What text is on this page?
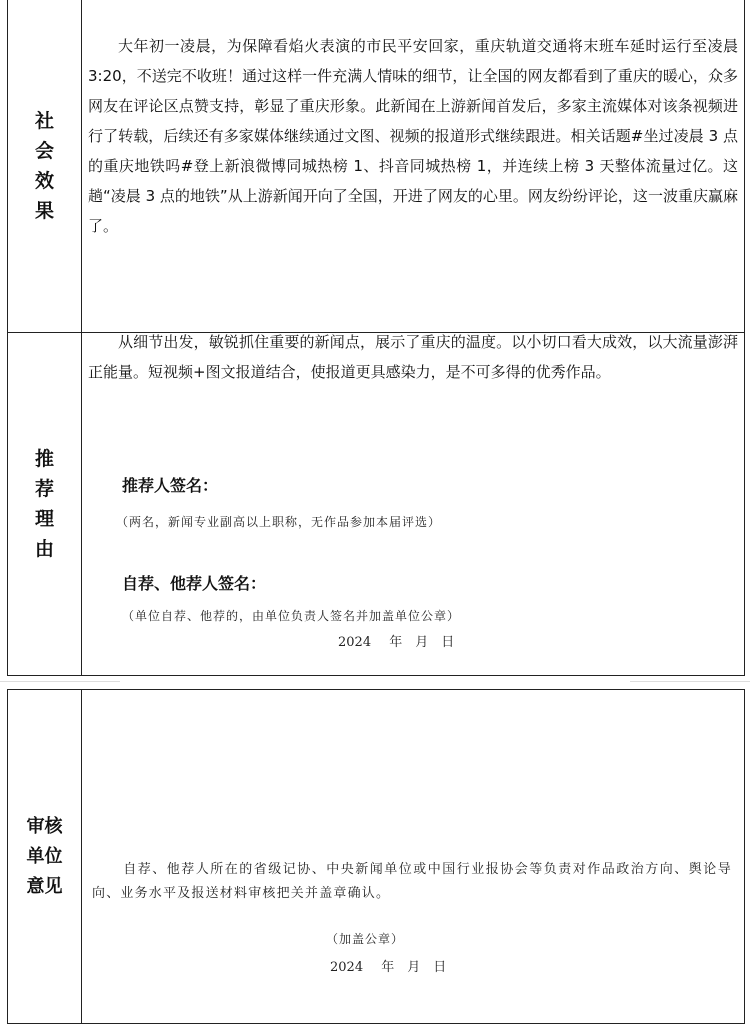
社会效果
大年初一凌晨，为保障看焰火表演的市民平安回家，重庆轨道交通将末班车延时运行至凌晨 3:20，不送完不收班！通过这样一件充满人情味的细节，让全国的网友都看到了重庆的暖心，众多网友在评论区点赞支持，彰显了重庆形象。此新闻在上游新闻首发后，多家主流媒体对该条视频进行了转载，后续还有多家媒体继续通过文图、视频的报道形式继续跟进。相关话题#坐过凌晨 3 点的重庆地铁吗#登上新浪微博同城热榜 1、抖音同城热榜 1，并连续上榜 3 天整体流量过亿。这趟“凌晨 3 点的地铁”从上游新闻开向了全国，开进了网友的心里。网友纷纷评论，这一波重庆赢麻了。
推荐理由
从细节出发，敏锐抓住重要的新闻点，展示了重庆的温度。以小切口看大成效，以大流量澎湃正能量。短视频+图文报道结合，使报道更具感染力，是不可多得的优秀作品。
推荐人签名：
（两名，新闻专业副高以上职称，无作品参加本届评选）
自荐、他荐人签名：
（单位自荐、他荐的，由单位负责人签名并加盖单位公章）
2024 年　月　日
审核单位意见
自荐、他荐人所在的省级记协、中央新闻单位或中国行业报协会等负责对作品政治方向、舆论导向、业务水平及报送材料审核把关并盖章确认。
（加盖公章）
2024 年　月　日
